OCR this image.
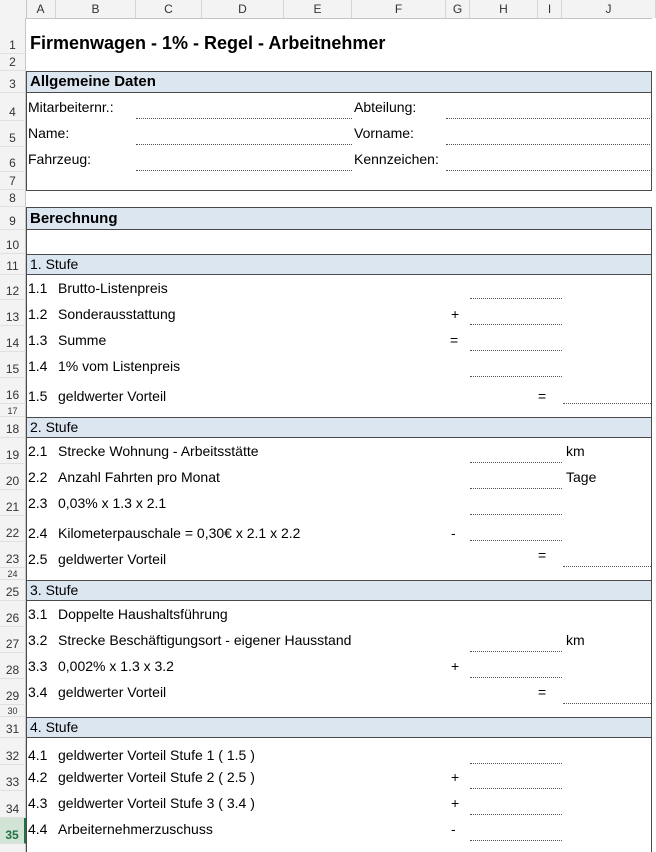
A	B	C	D	E	F	G	H	I	J
1
2
3
4
5
6
7
8
9
10
11
12
13
14
15
16
17
18
19
20
21
22
23
24
25
26
27
28
29
30
31
32
33
34
35
Firmenwagen - 1% - Regel - Arbeitnehmer
Allgemeine Daten
Mitarbeiternr.:	Abteilung:
Name:	Vorname:
Fahrzeug:	Kennzeichen:
Berechnung
1. Stufe
1.1 Brutto-Listenpreis
1.2 Sonderausstattung	+
1.3 Summe	=
1.4 1% vom Listenpreis
1.5 geldwerter Vorteil	=
2. Stufe
2.1 Strecke Wohnung - Arbeitsstätte	km
2.2 Anzahl Fahrten pro Monat	Tage
2.3 0,03% x 1.3 x 2.1
2.4 Kilometerpauschale = 0,30€ x 2.1 x 2.2	-
2.5 geldwerter Vorteil	=
3. Stufe
3.1 Doppelte Haushaltsführung
3.2 Strecke Beschäftigungsort - eigener Hausstand	km
3.3 0,002% x 1.3 x 3.2	+
3.4 geldwerter Vorteil	=
4. Stufe
4.1 geldwerter Vorteil Stufe 1 ( 1.5 )
4.2 geldwerter Vorteil Stufe 2 ( 2.5 )	+
4.3 geldwerter Vorteil Stufe 3 ( 3.4 )	+
4.4 Arbeiternehmerzuschuss	-
